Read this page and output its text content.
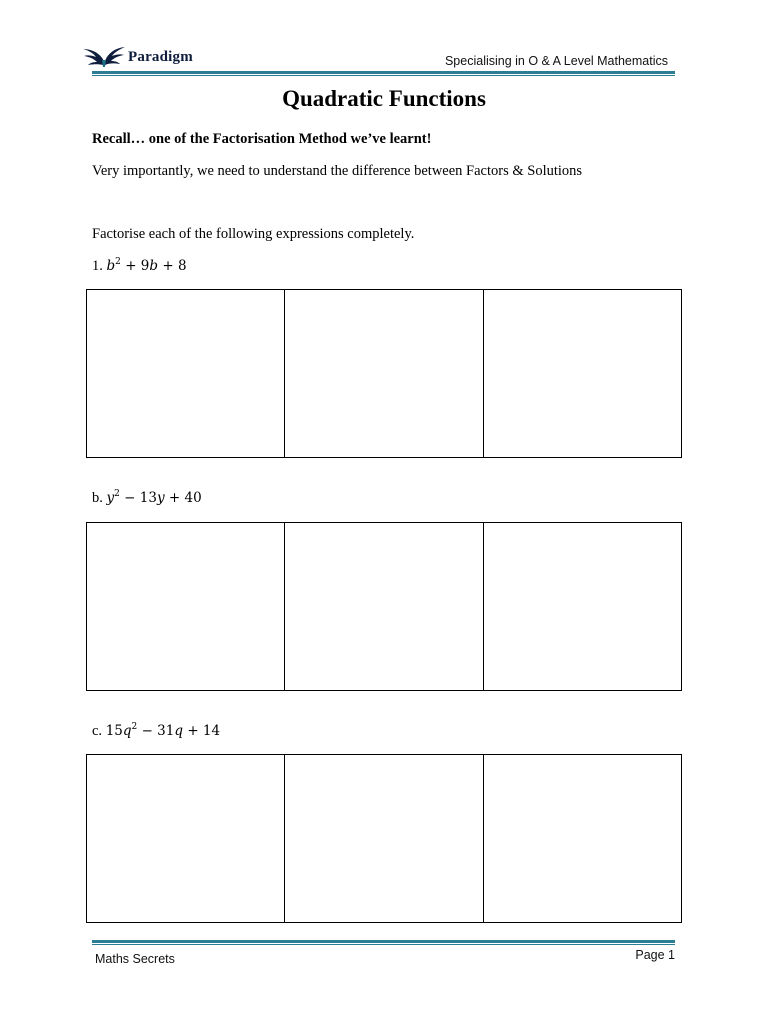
Paradigm	Specialising in O & A Level Mathematics
Quadratic Functions
Recall… one of the Factorisation Method we’ve learnt!
Very importantly, we need to understand the difference between Factors & Solutions
Factorise each of the following expressions completely.
1. $b^2 + 9b + 8$
b. $y^2 - 13y + 40$
c. $15q^2 - 31q + 14$
Maths Secrets	Page 1
